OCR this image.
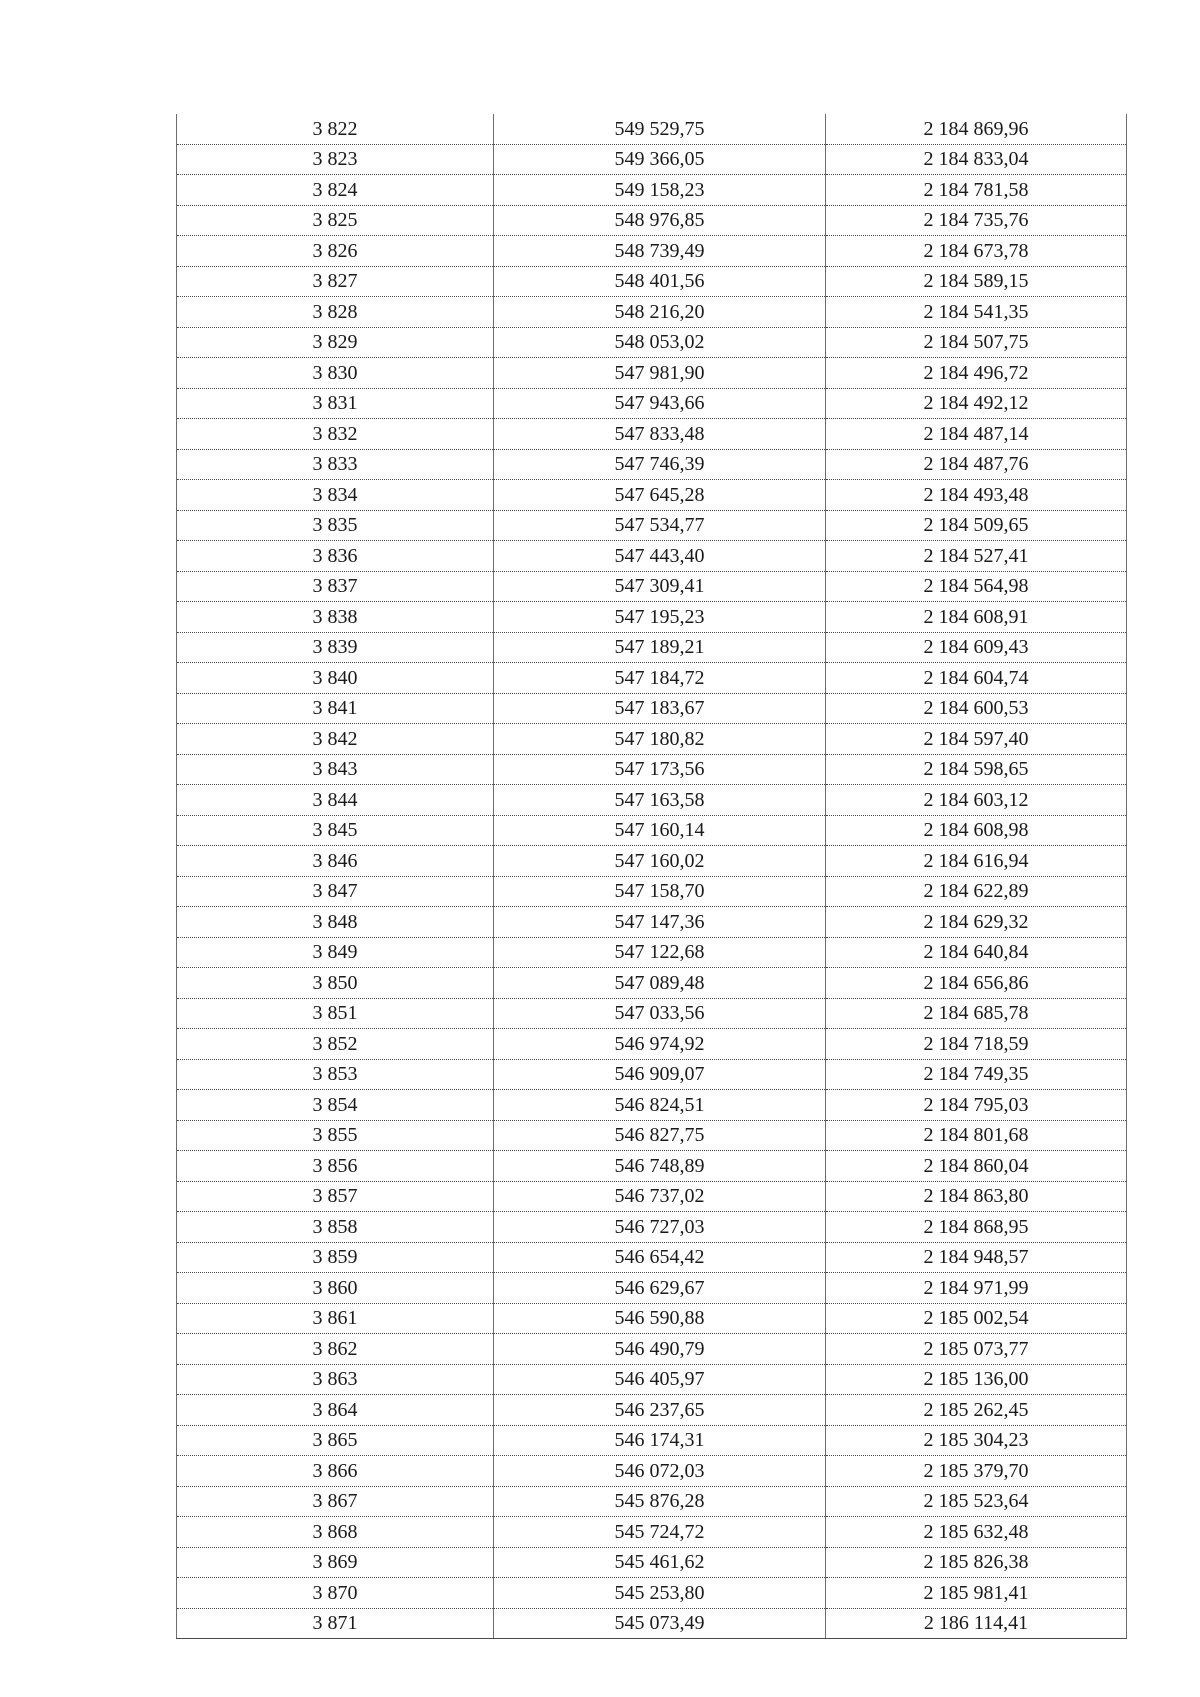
3 822	549 529,75	2 184 869,96
3 823	549 366,05	2 184 833,04
3 824	549 158,23	2 184 781,58
3 825	548 976,85	2 184 735,76
3 826	548 739,49	2 184 673,78
3 827	548 401,56	2 184 589,15
3 828	548 216,20	2 184 541,35
3 829	548 053,02	2 184 507,75
3 830	547 981,90	2 184 496,72
3 831	547 943,66	2 184 492,12
3 832	547 833,48	2 184 487,14
3 833	547 746,39	2 184 487,76
3 834	547 645,28	2 184 493,48
3 835	547 534,77	2 184 509,65
3 836	547 443,40	2 184 527,41
3 837	547 309,41	2 184 564,98
3 838	547 195,23	2 184 608,91
3 839	547 189,21	2 184 609,43
3 840	547 184,72	2 184 604,74
3 841	547 183,67	2 184 600,53
3 842	547 180,82	2 184 597,40
3 843	547 173,56	2 184 598,65
3 844	547 163,58	2 184 603,12
3 845	547 160,14	2 184 608,98
3 846	547 160,02	2 184 616,94
3 847	547 158,70	2 184 622,89
3 848	547 147,36	2 184 629,32
3 849	547 122,68	2 184 640,84
3 850	547 089,48	2 184 656,86
3 851	547 033,56	2 184 685,78
3 852	546 974,92	2 184 718,59
3 853	546 909,07	2 184 749,35
3 854	546 824,51	2 184 795,03
3 855	546 827,75	2 184 801,68
3 856	546 748,89	2 184 860,04
3 857	546 737,02	2 184 863,80
3 858	546 727,03	2 184 868,95
3 859	546 654,42	2 184 948,57
3 860	546 629,67	2 184 971,99
3 861	546 590,88	2 185 002,54
3 862	546 490,79	2 185 073,77
3 863	546 405,97	2 185 136,00
3 864	546 237,65	2 185 262,45
3 865	546 174,31	2 185 304,23
3 866	546 072,03	2 185 379,70
3 867	545 876,28	2 185 523,64
3 868	545 724,72	2 185 632,48
3 869	545 461,62	2 185 826,38
3 870	545 253,80	2 185 981,41
3 871	545 073,49	2 186 114,41
